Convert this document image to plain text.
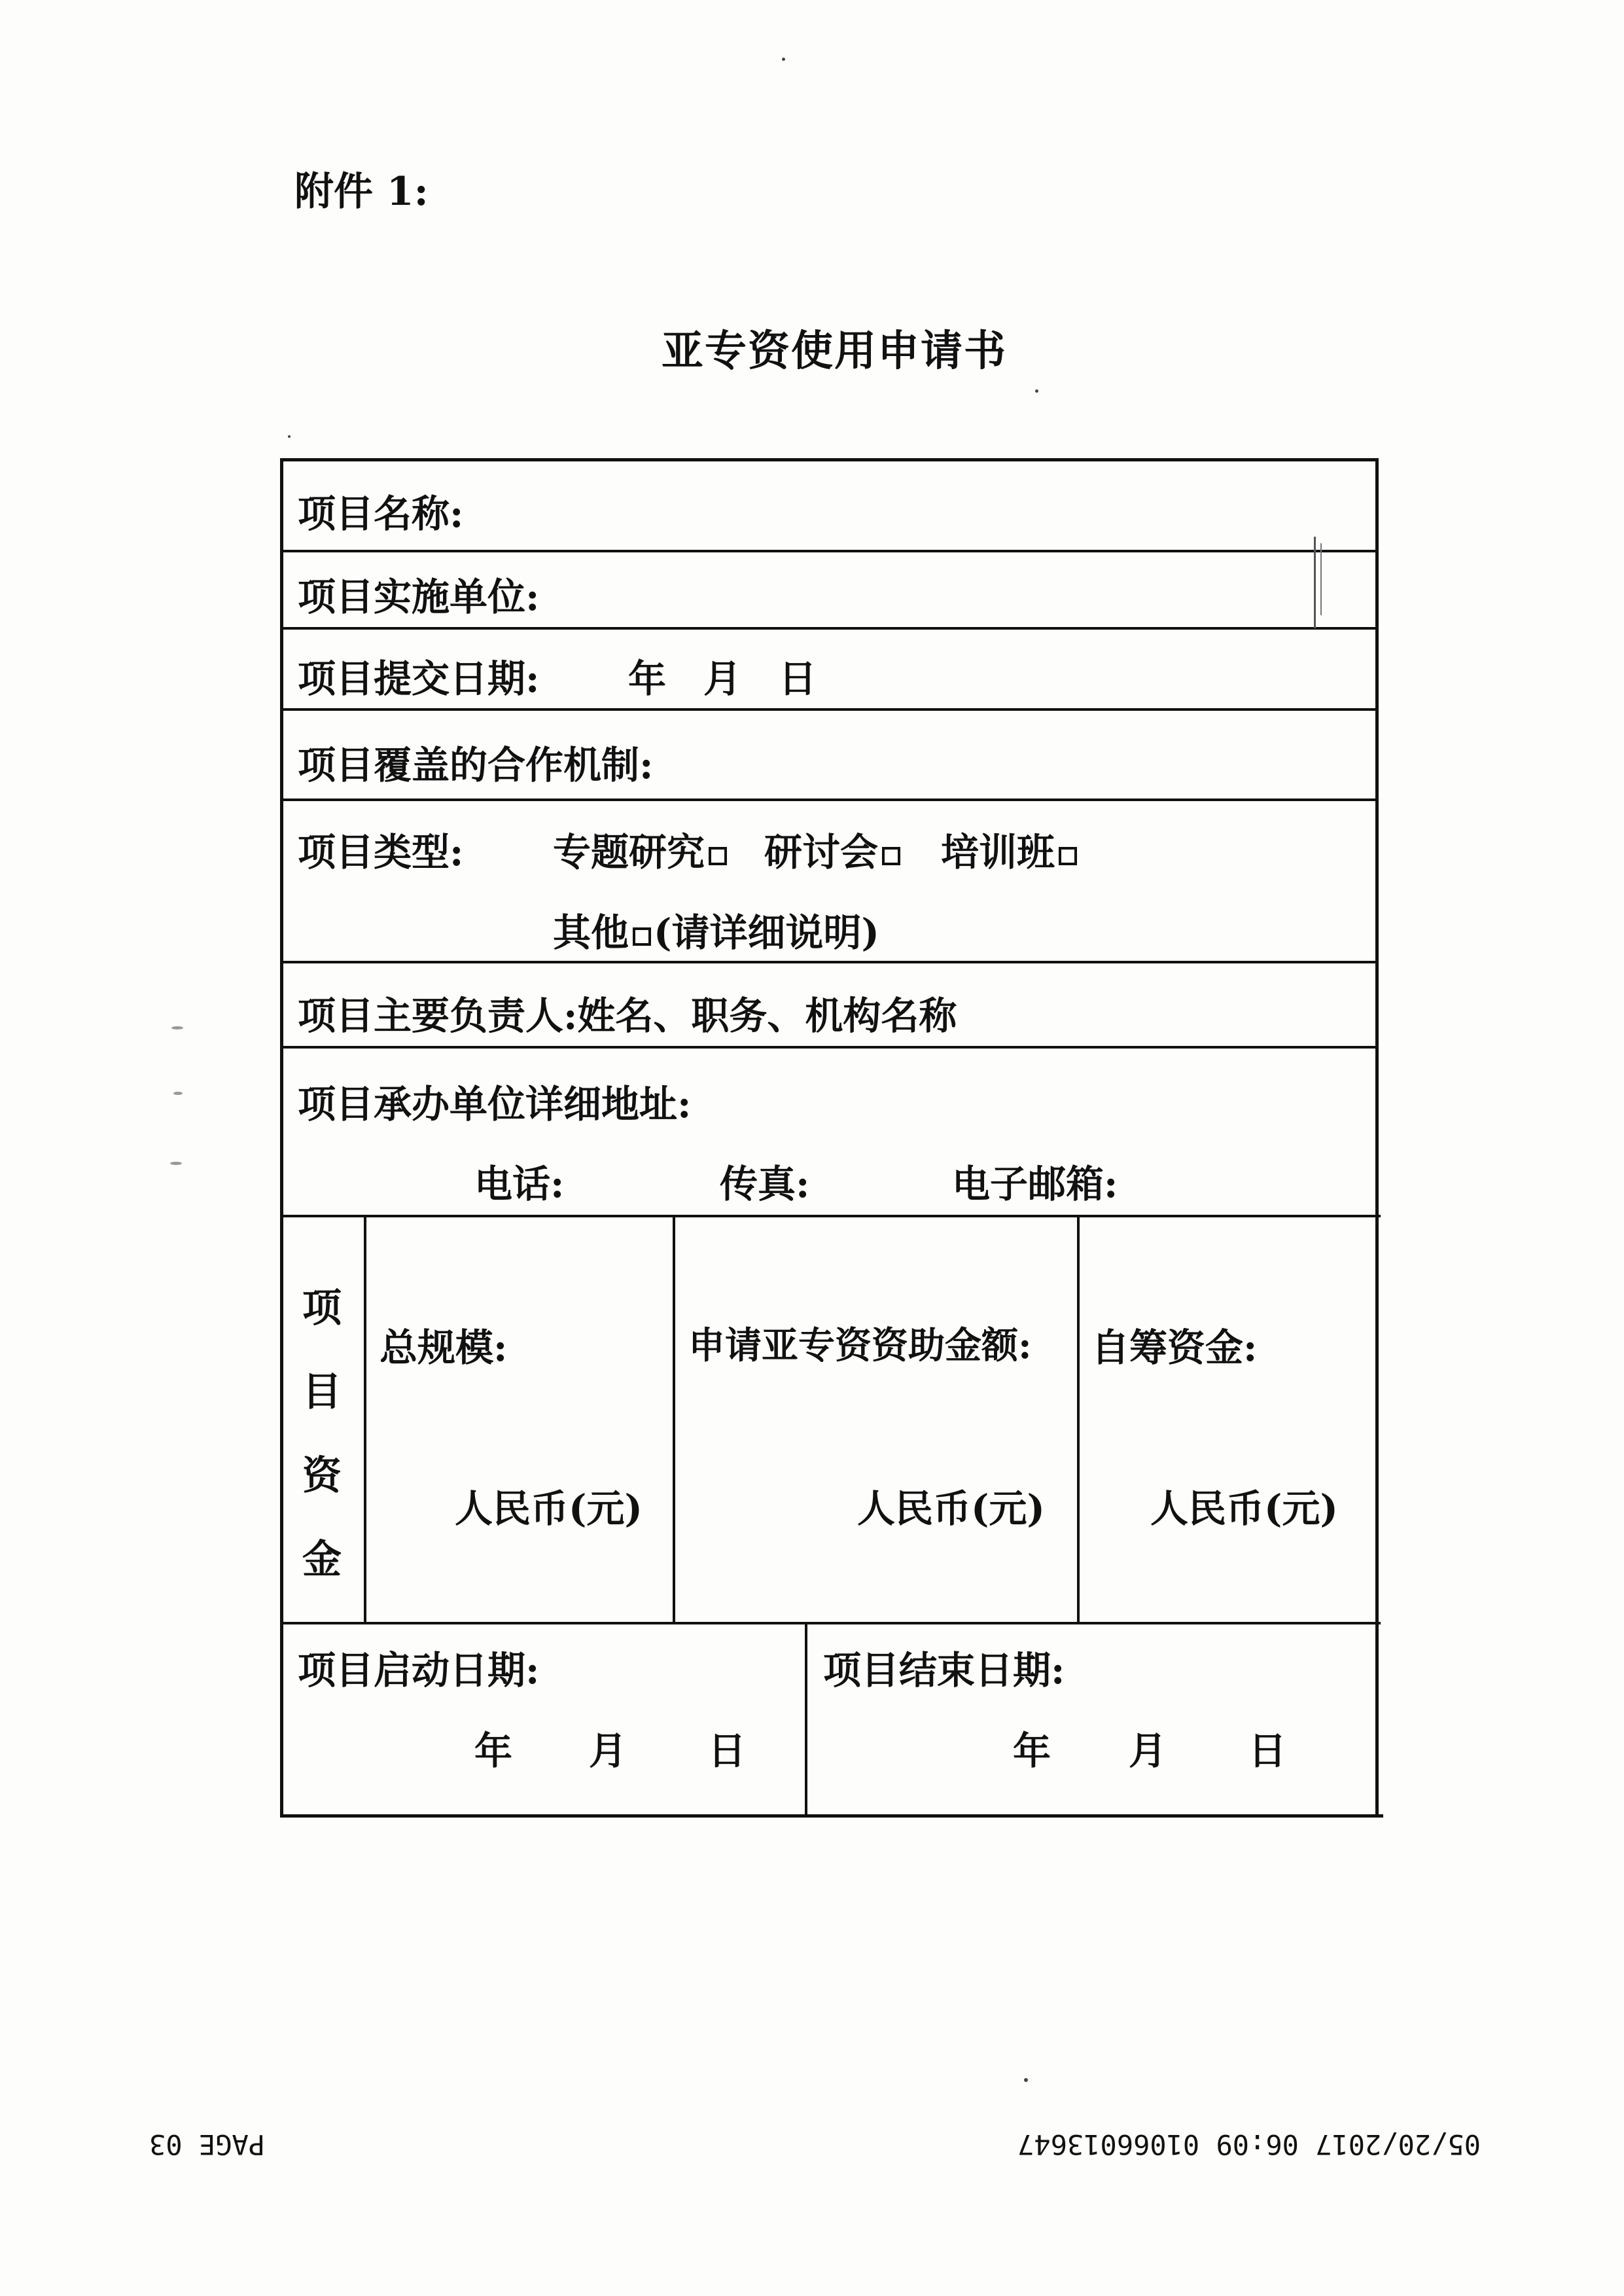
附件 1:
亚专资使用申请书
项目名称:
项目实施单位:
项目提交日期: 年 月 日
项目覆盖的合作机制:
项目类型: 专题研究	研讨会	培训班
其他 (请详细说明)
项目主要负责人:姓名、职务、机构名称
项目承办单位详细地址:
电话:	传真:	电子邮箱:
项
目
资
金
总规模:	申请亚专资资助金额: 自筹资金:
人民币(元)	人民币(元)	人民币(元)
项目启动日期:
年 月 日
项目结束日期:
年 月 日
PAGE 03	05/20/2017 06:09 01066013647
